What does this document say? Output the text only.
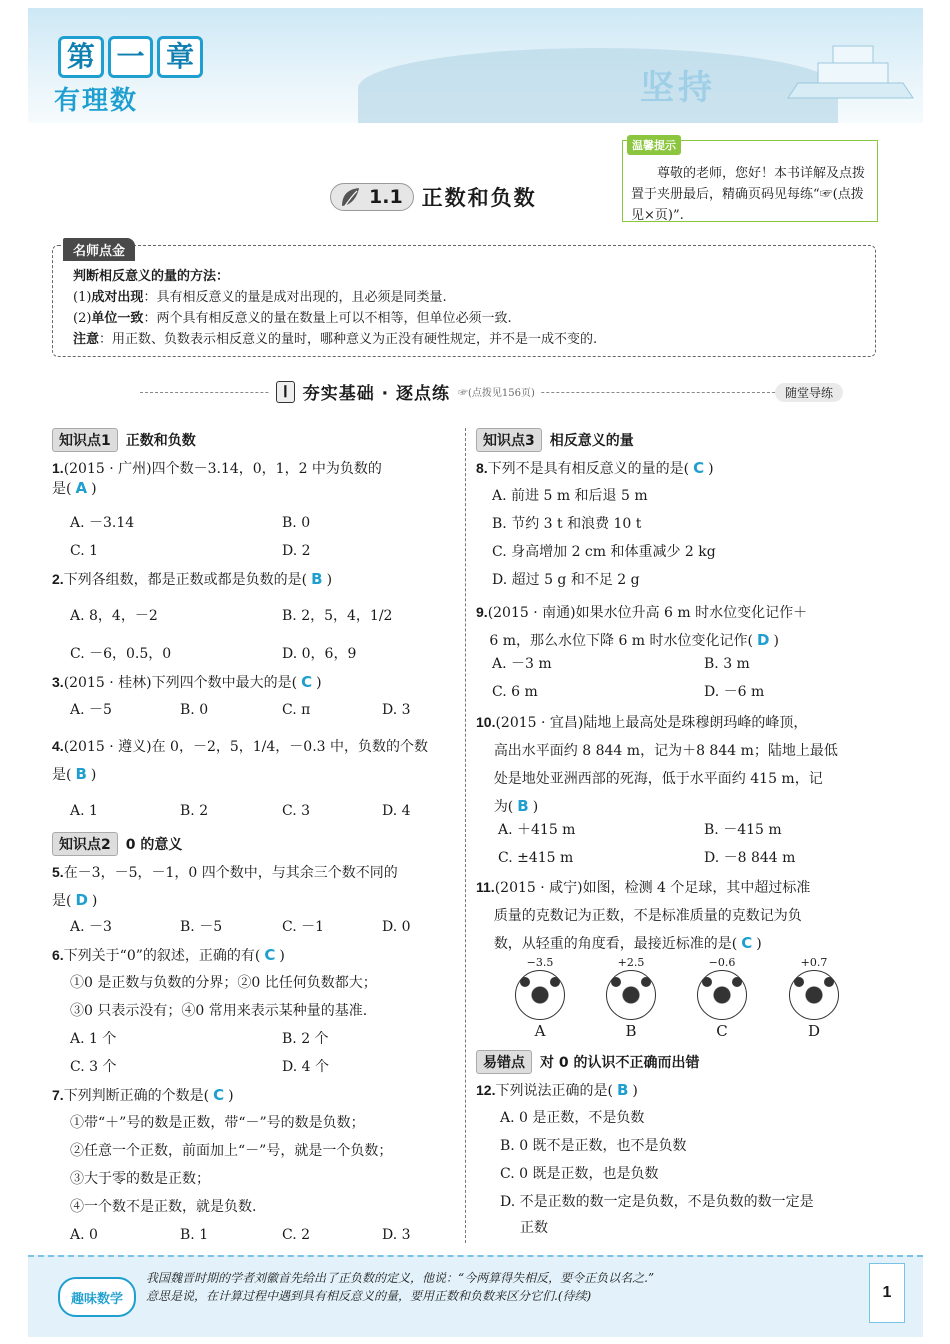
第 一 章
有理数	坚持
温馨提示
尊敬的老师，您好！本书详解及点拨置于夹册最后，精确页码见每练“☞(点拨见×页)”.
1.1 正数和负数
名师点金
判断相反意义的量的方法：
(1)成对出现：具有相反意义的量是成对出现的，且必须是同类量.
(2)单位一致：两个具有相反意义的量在数量上可以不相等，但单位必须一致.
注意：用正数、负数表示相反意义的量时，哪种意义为正没有硬性规定，并不是一成不变的.
Ⅰ 夯实基础 · 逐点练 ☞(点拨见156页)	随堂导练
知识点1	正数和负数
1.(2015 · 广州)四个数－3.14，0，1，2 中为负数的
是( A )
A. －3.14	B. 0
C. 1	D. 2
2.下列各组数，都是正数或都是负数的是( B )
A. 8，4，－2	B. 2，5，4，1/2
C. －6，0.5，0	D. 0，6，9
3.(2015 · 桂林)下列四个数中最大的是( C )
A. －5	B. 0	C. π	D. 3
4.(2015 · 遵义)在 0，－2，5，1/4，－0.3 中，负数的个数
是( B )
A. 1	B. 2	C. 3	D. 4
知识点2	0 的意义
5.在－3，－5，－1，0 四个数中，与其余三个数不同的
是( D )
A. －3	B. －5	C. －1	D. 0
6.下列关于“0”的叙述，正确的有( C )
①0 是正数与负数的分界；②0 比任何负数都大；
③0 只表示没有；④0 常用来表示某种量的基准.
A. 1 个	B. 2 个
C. 3 个	D. 4 个
7.下列判断正确的个数是( C )
①带“＋”号的数是正数，带“－”号的数是负数；
②任意一个正数，前面加上“－”号，就是一个负数；
③大于零的数是正数；
④一个数不是正数，就是负数.
A. 0	B. 1	C. 2	D. 3
知识点3	相反意义的量
8.下列不是具有相反意义的量的是( C )
A. 前进 5 m 和后退 5 m
B. 节约 3 t 和浪费 10 t
C. 身高增加 2 cm 和体重减少 2 kg
D. 超过 5 g 和不足 2 g
9.(2015 · 南通)如果水位升高 6 m 时水位变化记作＋
6 m，那么水位下降 6 m 时水位变化记作( D )
A. －3 m	B. 3 m
C. 6 m	D. －6 m
10.(2015 · 宜昌)陆地上最高处是珠穆朗玛峰的峰顶，
高出水平面约 8 844 m，记为＋8 844 m；陆地上最低
处是地处亚洲西部的死海，低于水平面约 415 m，记
为( B )
A. ＋415 m	B. －415 m
C. ±415 m	D. －8 844 m
11.(2015 · 咸宁)如图，检测 4 个足球，其中超过标准
质量的克数记为正数，不是标准质量的克数记为负
数，从轻重的角度看，最接近标准的是( C )
−3.5	+2.5	−0.6	+0.7
A	B	C	D
易错点	对 0 的认识不正确而出错
12.下列说法正确的是( B )
A. 0 是正数，不是负数
B. 0 既不是正数，也不是负数
C. 0 既是正数，也是负数
D. 不是正数的数一定是负数，不是负数的数一定是
正数
趣味数学
我国魏晋时期的学者刘徽首先给出了正负数的定义，他说：“今两算得失相反，要令正负以名之.”
意思是说，在计算过程中遇到具有相反意义的量，要用正数和负数来区分它们.(待续)	1
